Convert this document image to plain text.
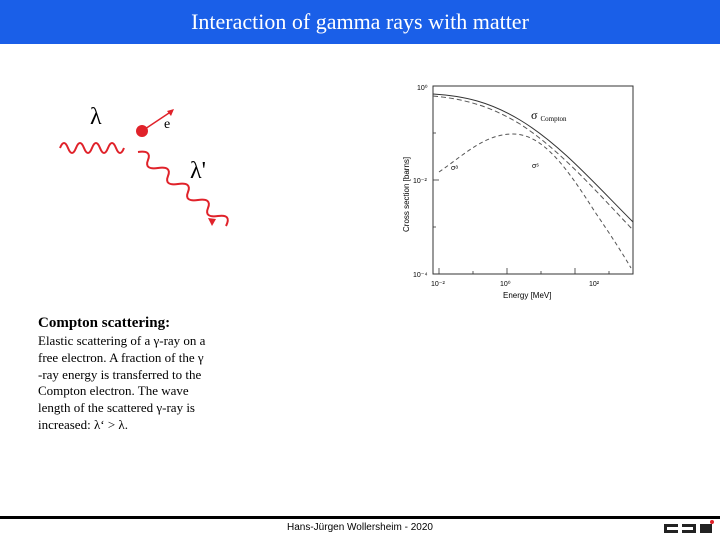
Interaction of gamma rays with matter
λ	e
λ'
σ Compton
σᵃ	σˢ
10⁰
10⁻²
10⁻⁴
10⁻²	10⁰	10²
Energy [MeV]
Cross section [barns]
Compton scattering:
Elastic scattering of a γ-ray on a
free electron. A fraction of the γ
-ray energy is transferred to the
Compton electron. The wave
length of the scattered γ-ray is
increased: λ‘ > λ.
Hans-Jürgen Wollersheim - 2020
